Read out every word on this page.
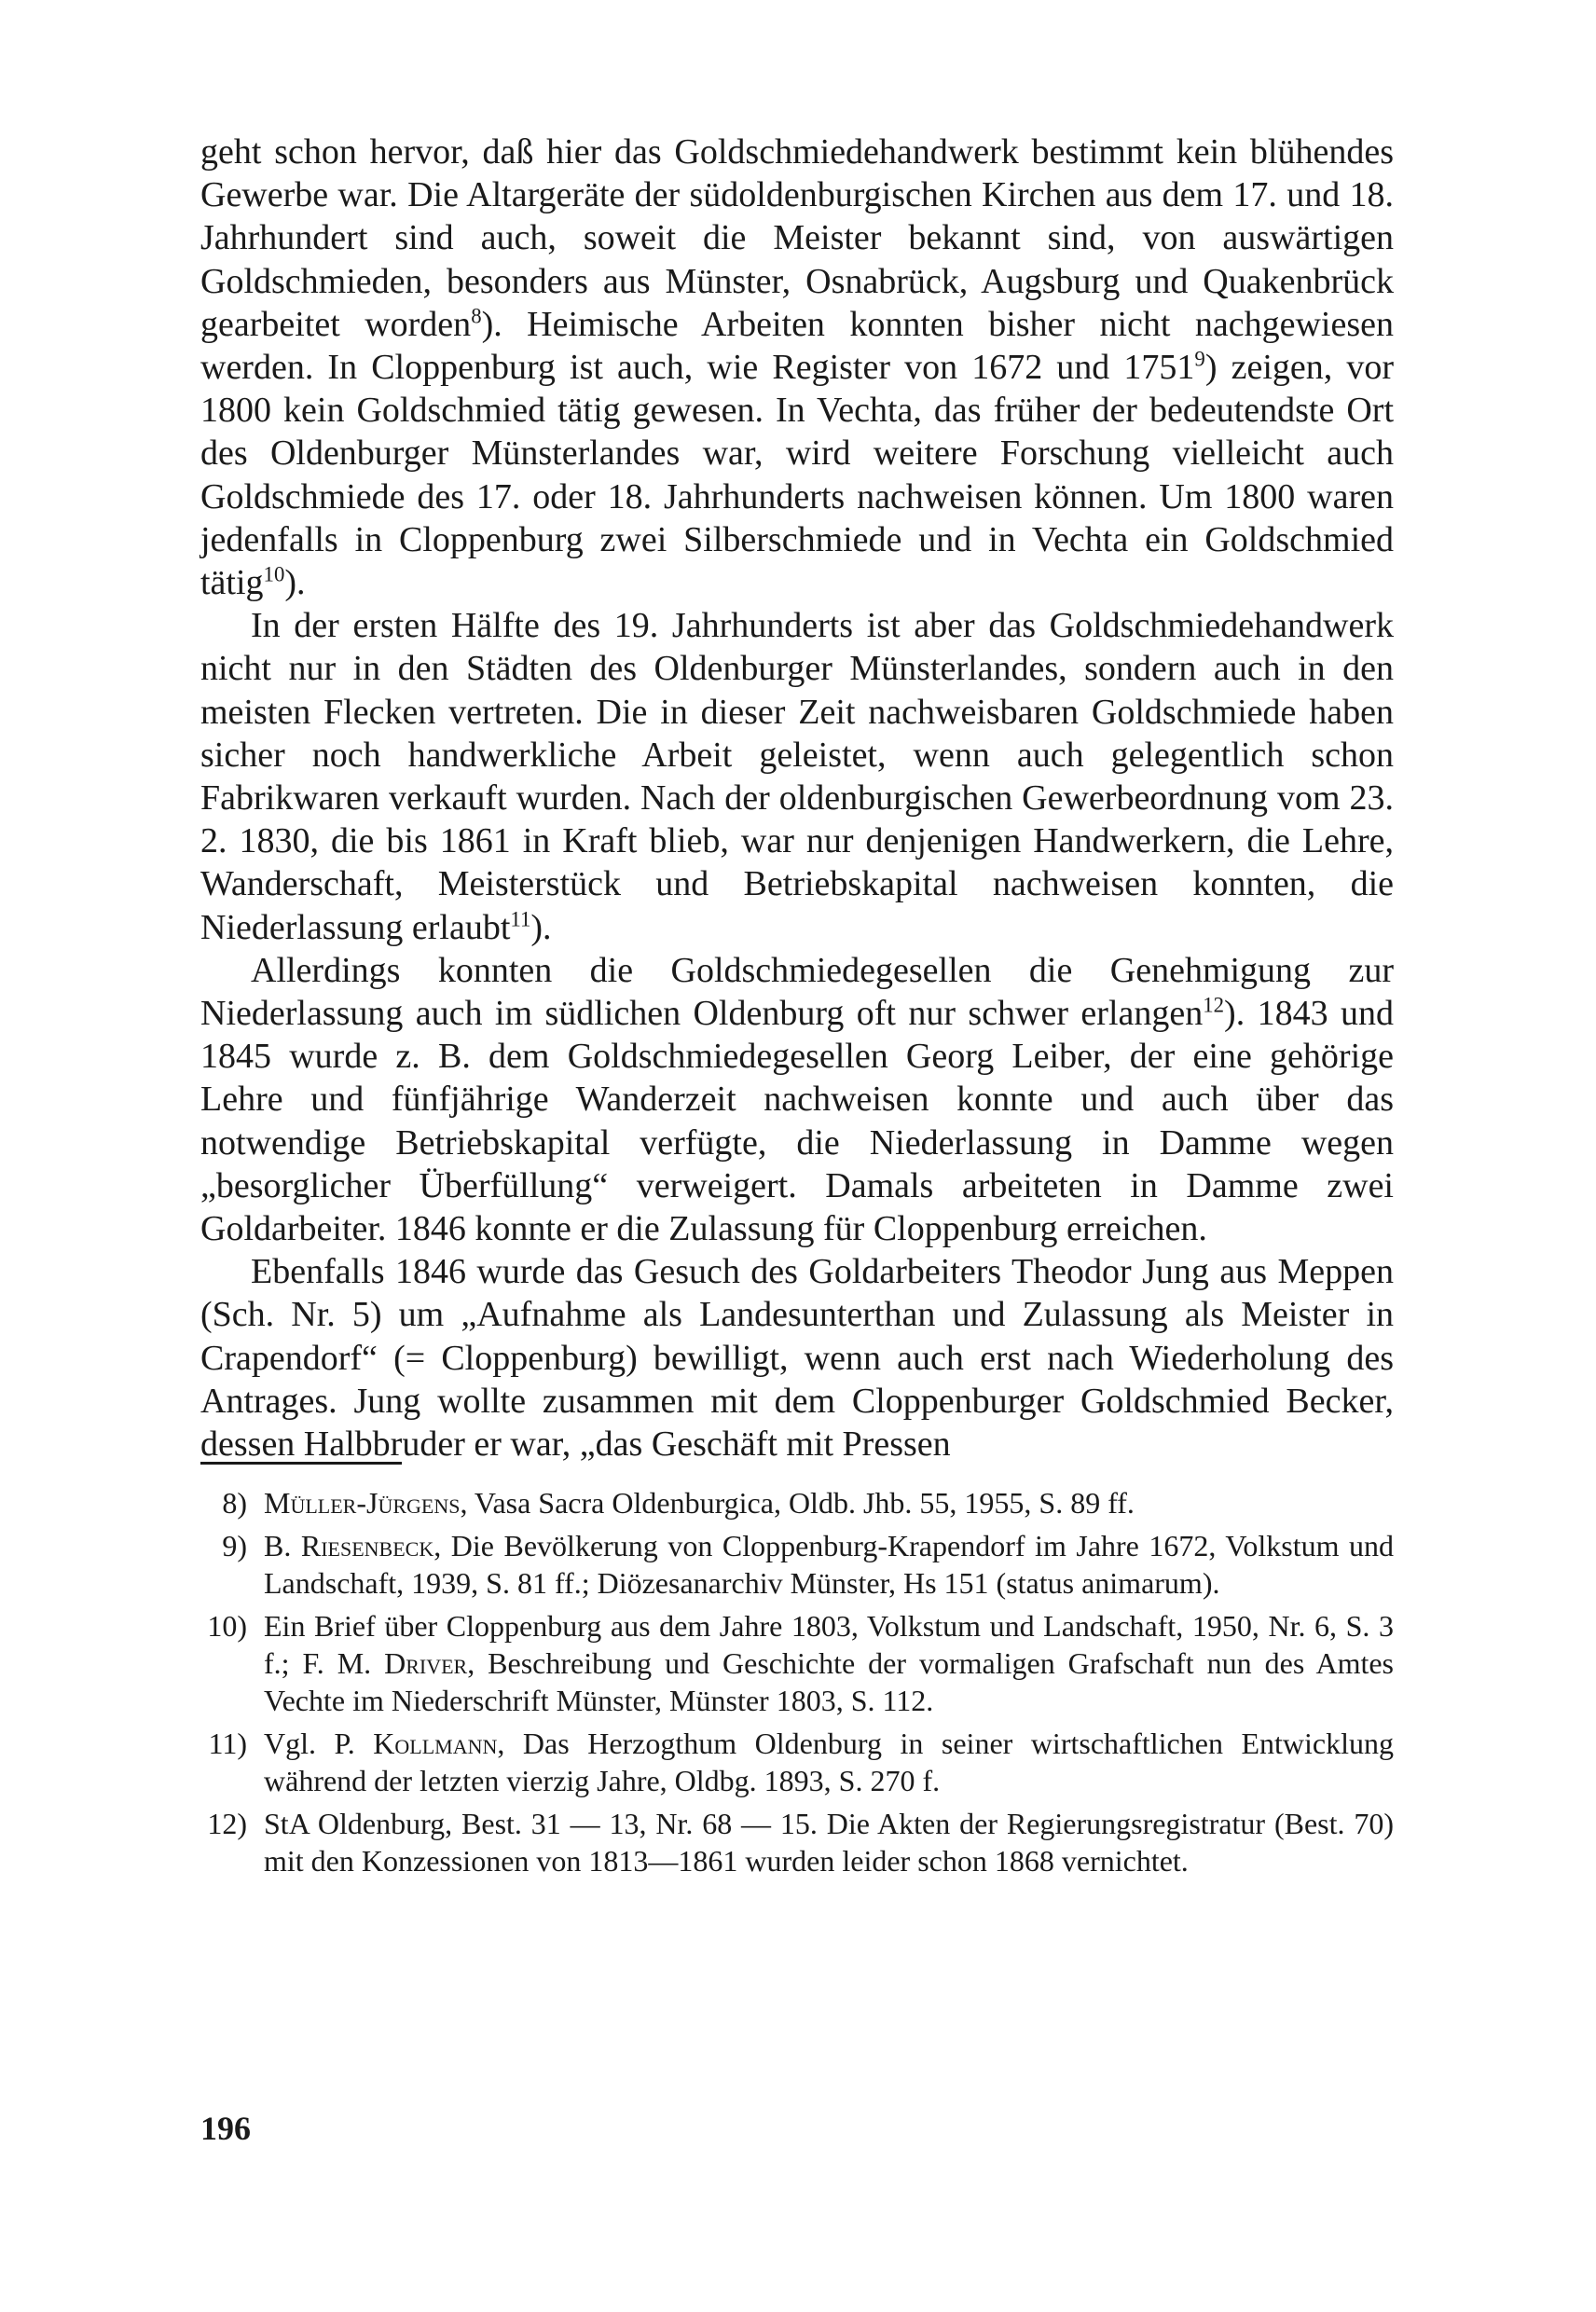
geht schon hervor, daß hier das Goldschmiedehandwerk bestimmt kein blühendes Gewerbe war. Die Altargeräte der südoldenburgischen Kirchen aus dem 17. und 18. Jahrhundert sind auch, soweit die Meister bekannt sind, von auswärtigen Goldschmieden, besonders aus Münster, Osnabrück, Augsburg und Quakenbrück gearbeitet worden$^8$). Heimische Arbeiten konnten bisher nicht nachgewiesen werden. In Cloppenburg ist auch, wie Register von 1672 und 1751$^9$) zeigen, vor 1800 kein Goldschmied tätig gewesen. In Vechta, das früher der bedeutendste Ort des Oldenburger Münsterlandes war, wird weitere Forschung vielleicht auch Goldschmiede des 17. oder 18. Jahrhunderts nachweisen können. Um 1800 waren jedenfalls in Cloppenburg zwei Silberschmiede und in Vechta ein Goldschmied tätig$^{10}$).

In der ersten Hälfte des 19. Jahrhunderts ist aber das Goldschmiedehandwerk nicht nur in den Städten des Oldenburger Münsterlandes, sondern auch in den meisten Flecken vertreten. Die in dieser Zeit nachweisbaren Goldschmiede haben sicher noch handwerkliche Arbeit geleistet, wenn auch gelegentlich schon Fabrikwaren verkauft wurden. Nach der oldenburgischen Gewerbeordnung vom 23. 2. 1830, die bis 1861 in Kraft blieb, war nur denjenigen Handwerkern, die Lehre, Wanderschaft, Meisterstück und Betriebskapital nachweisen konnten, die Niederlassung erlaubt$^{11}$).

Allerdings konnten die Goldschmiedegesellen die Genehmigung zur Niederlassung auch im südlichen Oldenburg oft nur schwer erlangen$^{12}$). 1843 und 1845 wurde z. B. dem Goldschmiedegesellen Georg Leiber, der eine gehörige Lehre und fünfjährige Wanderzeit nachweisen konnte und auch über das notwendige Betriebskapital verfügte, die Niederlassung in Damme wegen „besorglicher Überfüllung“ verweigert. Damals arbeiteten in Damme zwei Goldarbeiter. 1846 konnte er die Zulassung für Cloppenburg erreichen.

Ebenfalls 1846 wurde das Gesuch des Goldarbeiters Theodor Jung aus Meppen (Sch. Nr. 5) um „Aufnahme als Landesunterthan und Zulassung als Meister in Crapendorf“ (= Cloppenburg) bewilligt, wenn auch erst nach Wiederholung des Antrages. Jung wollte zusammen mit dem Cloppenburger Goldschmied Becker, dessen Halbbruder er war, „das Geschäft mit Pressen

8) Müller-Jürgens, Vasa Sacra Oldenburgica, Oldb. Jhb. 55, 1955, S. 89 ff.
9) B. Riesenbeck, Die Bevölkerung von Cloppenburg-Krapendorf im Jahre 1672, Volkstum und Landschaft, 1939, S. 81 ff.; Diözesanarchiv Münster, Hs 151 (status animarum).
10) Ein Brief über Cloppenburg aus dem Jahre 1803, Volkstum und Landschaft, 1950, Nr. 6, S. 3 f.; F. M. Driver, Beschreibung und Geschichte der vormaligen Grafschaft nun des Amtes Vechte im Niederschrift Münster, Münster 1803, S. 112.
11) Vgl. P. Kollmann, Das Herzogthum Oldenburg in seiner wirtschaftlichen Entwicklung während der letzten vierzig Jahre, Oldbg. 1893, S. 270 f.
12) StA Oldenburg, Best. 31 — 13, Nr. 68 — 15. Die Akten der Regierungsregistratur (Best. 70) mit den Konzessionen von 1813—1861 wurden leider schon 1868 vernichtet.
196
